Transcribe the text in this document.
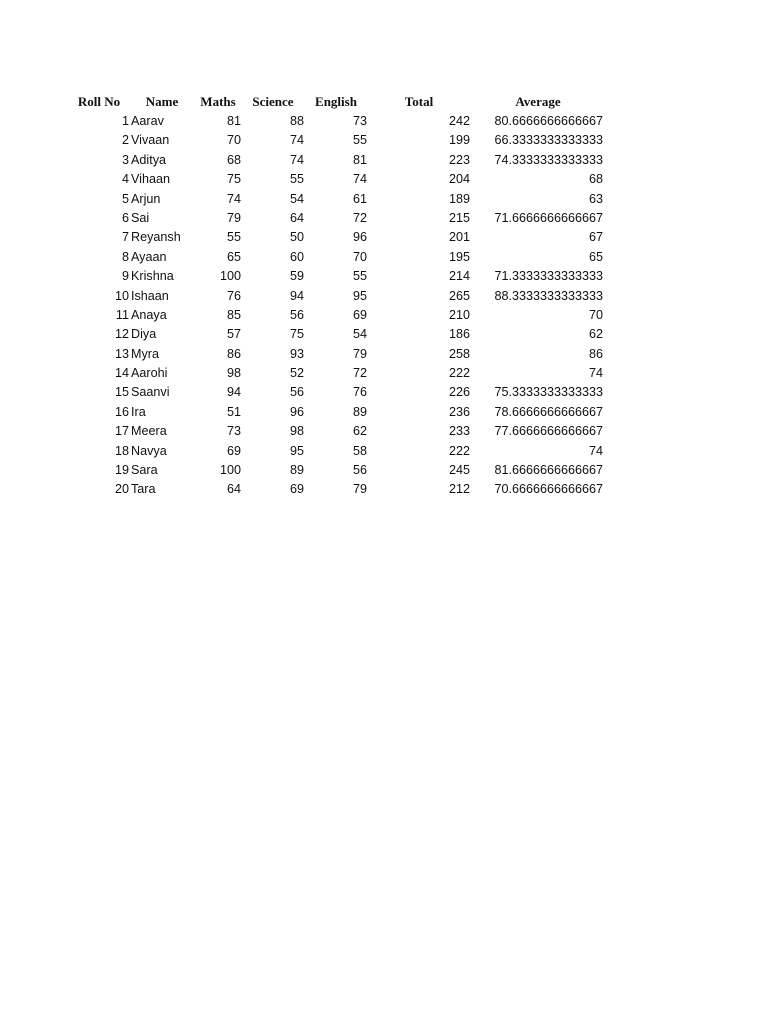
Roll No	Name	Maths	Science	English	Total	Average
1 Aarav	81	88	73	242	80.6666666666667
2 Vivaan	70	74	55	199	66.3333333333333
3 Aditya	68	74	81	223	74.3333333333333
4 Vihaan	75	55	74	204	68
5 Arjun	74	54	61	189	63
6 Sai	79	64	72	215	71.6666666666667
7 Reyansh	55	50	96	201	67
8 Ayaan	65	60	70	195	65
9 Krishna	100	59	55	214	71.3333333333333
10 Ishaan	76	94	95	265	88.3333333333333
11 Anaya	85	56	69	210	70
12 Diya	57	75	54	186	62
13 Myra	86	93	79	258	86
14 Aarohi	98	52	72	222	74
15 Saanvi	94	56	76	226	75.3333333333333
16 Ira	51	96	89	236	78.6666666666667
17 Meera	73	98	62	233	77.6666666666667
18 Navya	69	95	58	222	74
19 Sara	100	89	56	245	81.6666666666667
20 Tara	64	69	79	212	70.6666666666667
